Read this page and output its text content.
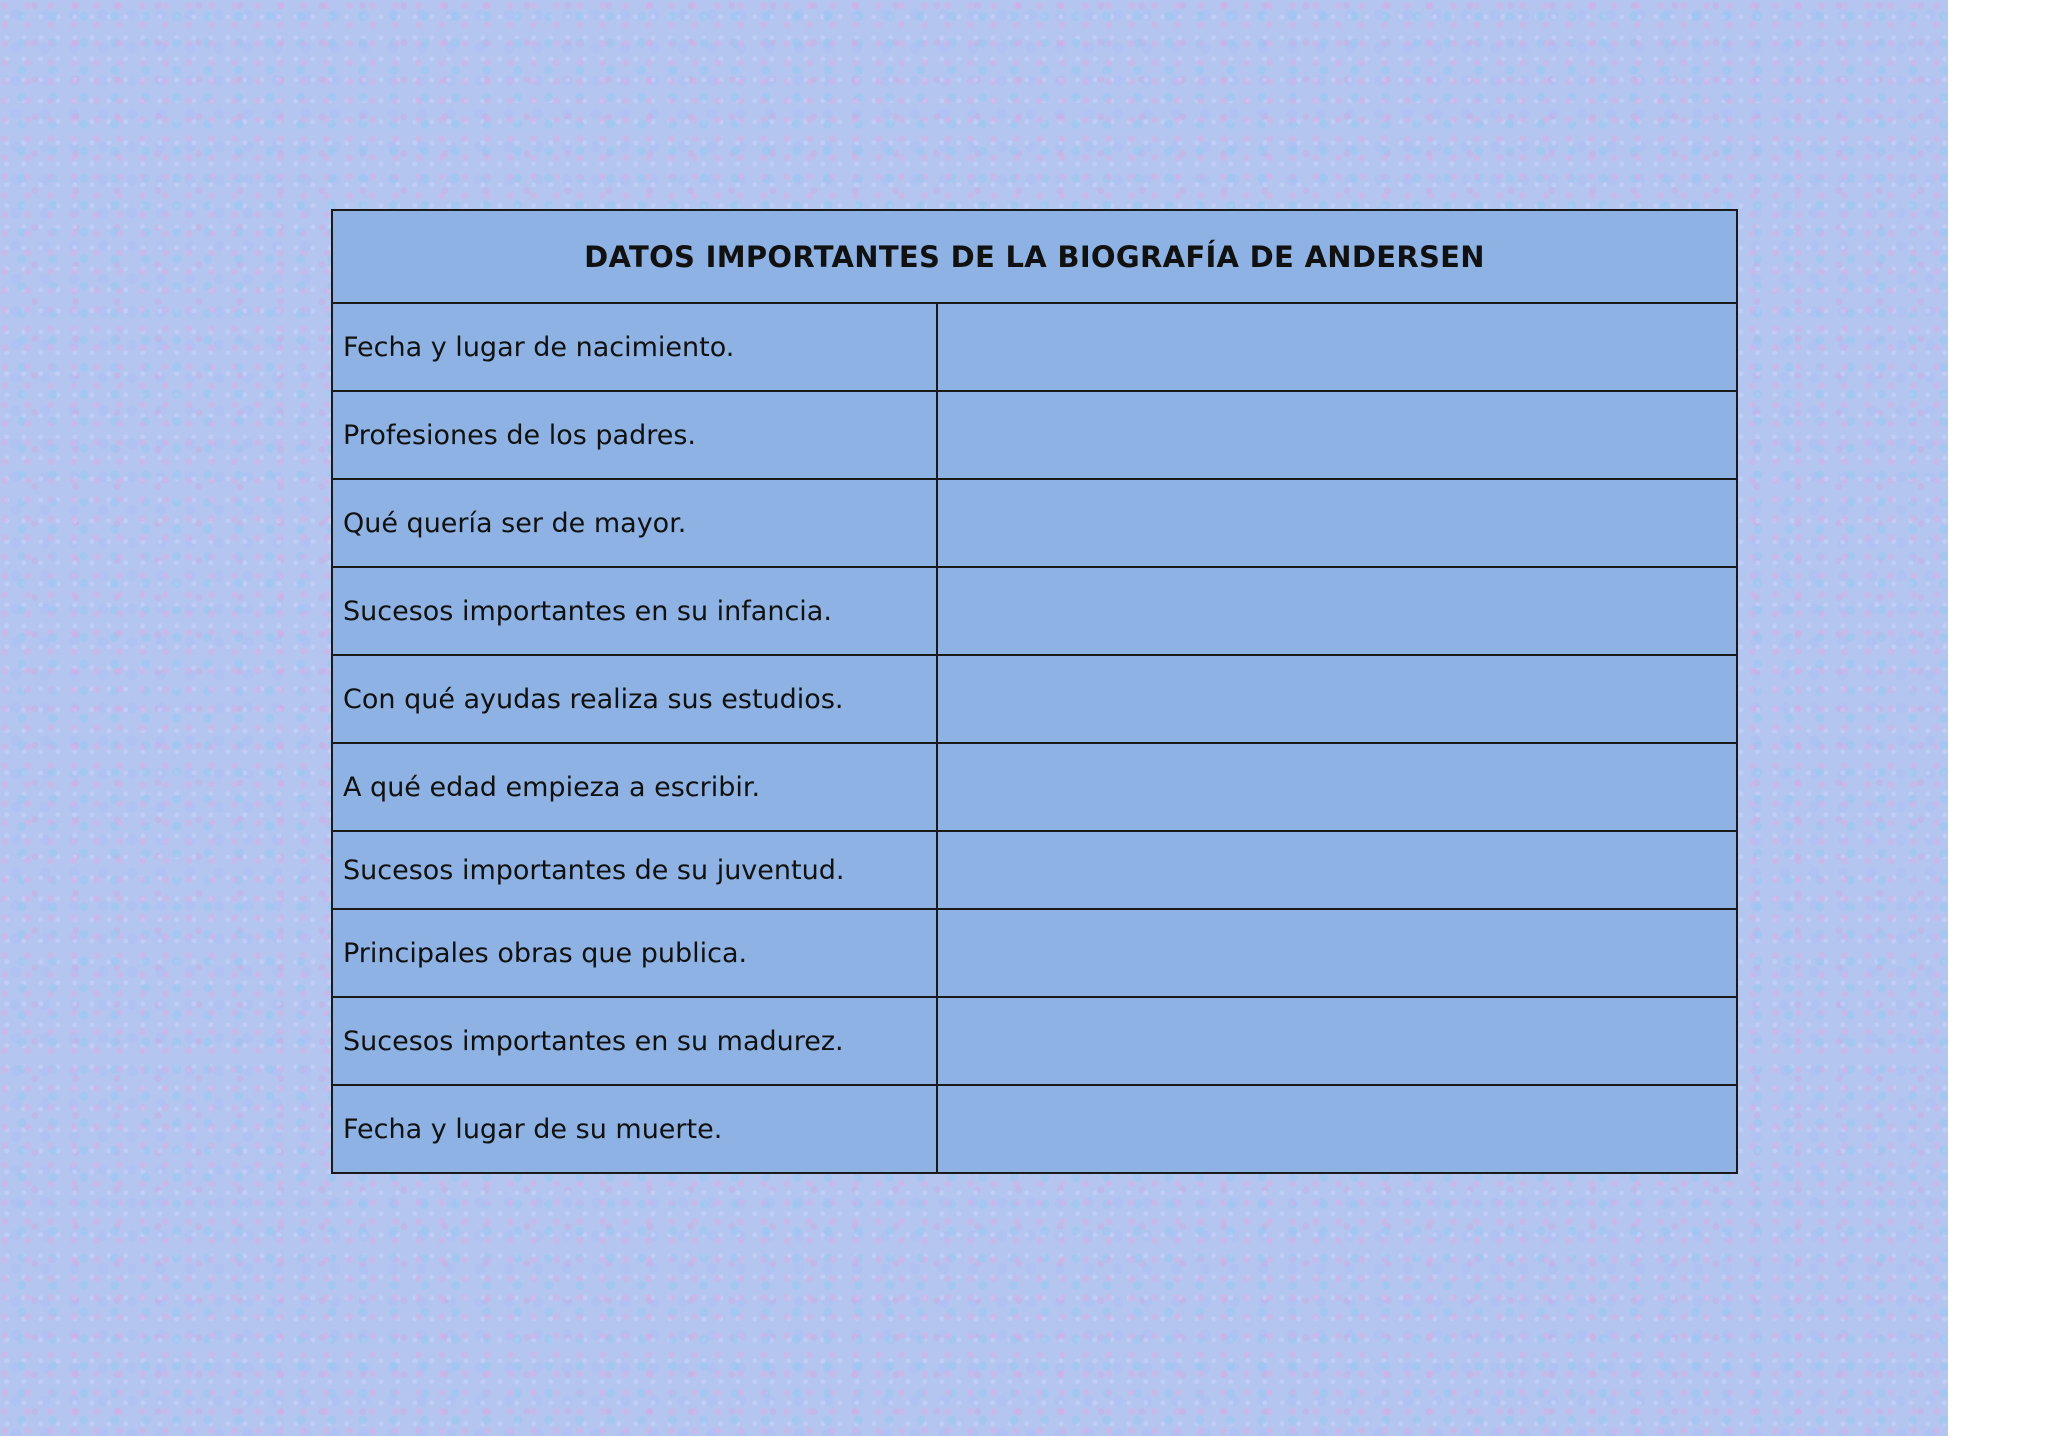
DATOS IMPORTANTES DE LA BIOGRAFÍA DE ANDERSEN	
Fecha y lugar de nacimiento.	
Profesiones de los padres.	
Qué quería ser de mayor.	
Sucesos importantes en su infancia.	
Con qué ayudas realiza sus estudios.	
A qué edad empieza a escribir.	
Sucesos importantes de su juventud.	
Principales obras que publica.	
Sucesos importantes en su madurez.	
Fecha y lugar de su muerte.	
